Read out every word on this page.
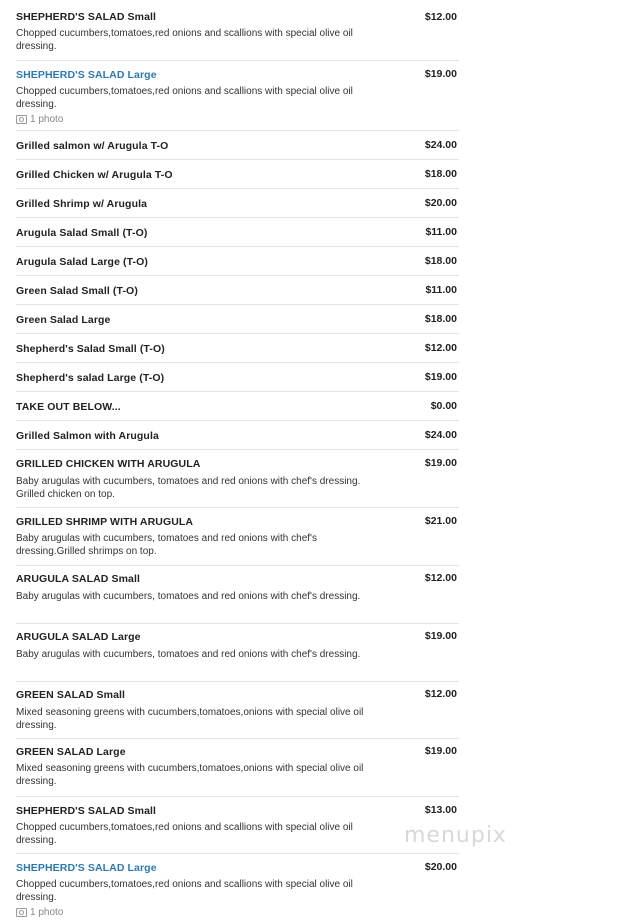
SHEPHERD'S SALAD Small	$12.00
Chopped cucumbers,tomatoes,red onions and scallions with special olive oil dressing.
SHEPHERD'S SALAD Large	$19.00
Chopped cucumbers,tomatoes,red onions and scallions with special olive oil dressing.
1 photo
Grilled salmon w/ Arugula T-O	$24.00
Grilled Chicken w/ Arugula T-O	$18.00
Grilled Shrimp w/ Arugula	$20.00
Arugula Salad Small (T-O)	$11.00
Arugula Salad Large (T-O)	$18.00
Green Salad Small (T-O)	$11.00
Green Salad Large	$18.00
Shepherd's Salad Small (T-O)	$12.00
Shepherd's salad Large (T-O)	$19.00
TAKE OUT BELOW...	$0.00
Grilled Salmon with Arugula	$24.00
GRILLED CHICKEN WITH ARUGULA	$19.00
Baby arugulas with cucumbers, tomatoes and red onions with chef's dressing. Grilled chicken on top.
GRILLED SHRIMP WITH ARUGULA	$21.00
Baby arugulas with cucumbers, tomatoes and red onions with chef's dressing.Grilled shrimps on top.
ARUGULA SALAD Small	$12.00
Baby arugulas with cucumbers, tomatoes and red onions with chef's dressing.
ARUGULA SALAD Large	$19.00
Baby arugulas with cucumbers, tomatoes and red onions with chef's dressing.
GREEN SALAD Small	$12.00
Mixed seasoning greens with cucumbers,tomatoes,onions with special olive oil dressing.
GREEN SALAD Large	$19.00
Mixed seasoning greens with cucumbers,tomatoes,onions with special olive oil dressing.
SHEPHERD'S SALAD Small	$13.00
Chopped cucumbers,tomatoes,red onions and scallions with special olive oil dressing.
SHEPHERD'S SALAD Large	$20.00
Chopped cucumbers,tomatoes,red onions and scallions with special olive oil dressing.
1 photo
menupix
